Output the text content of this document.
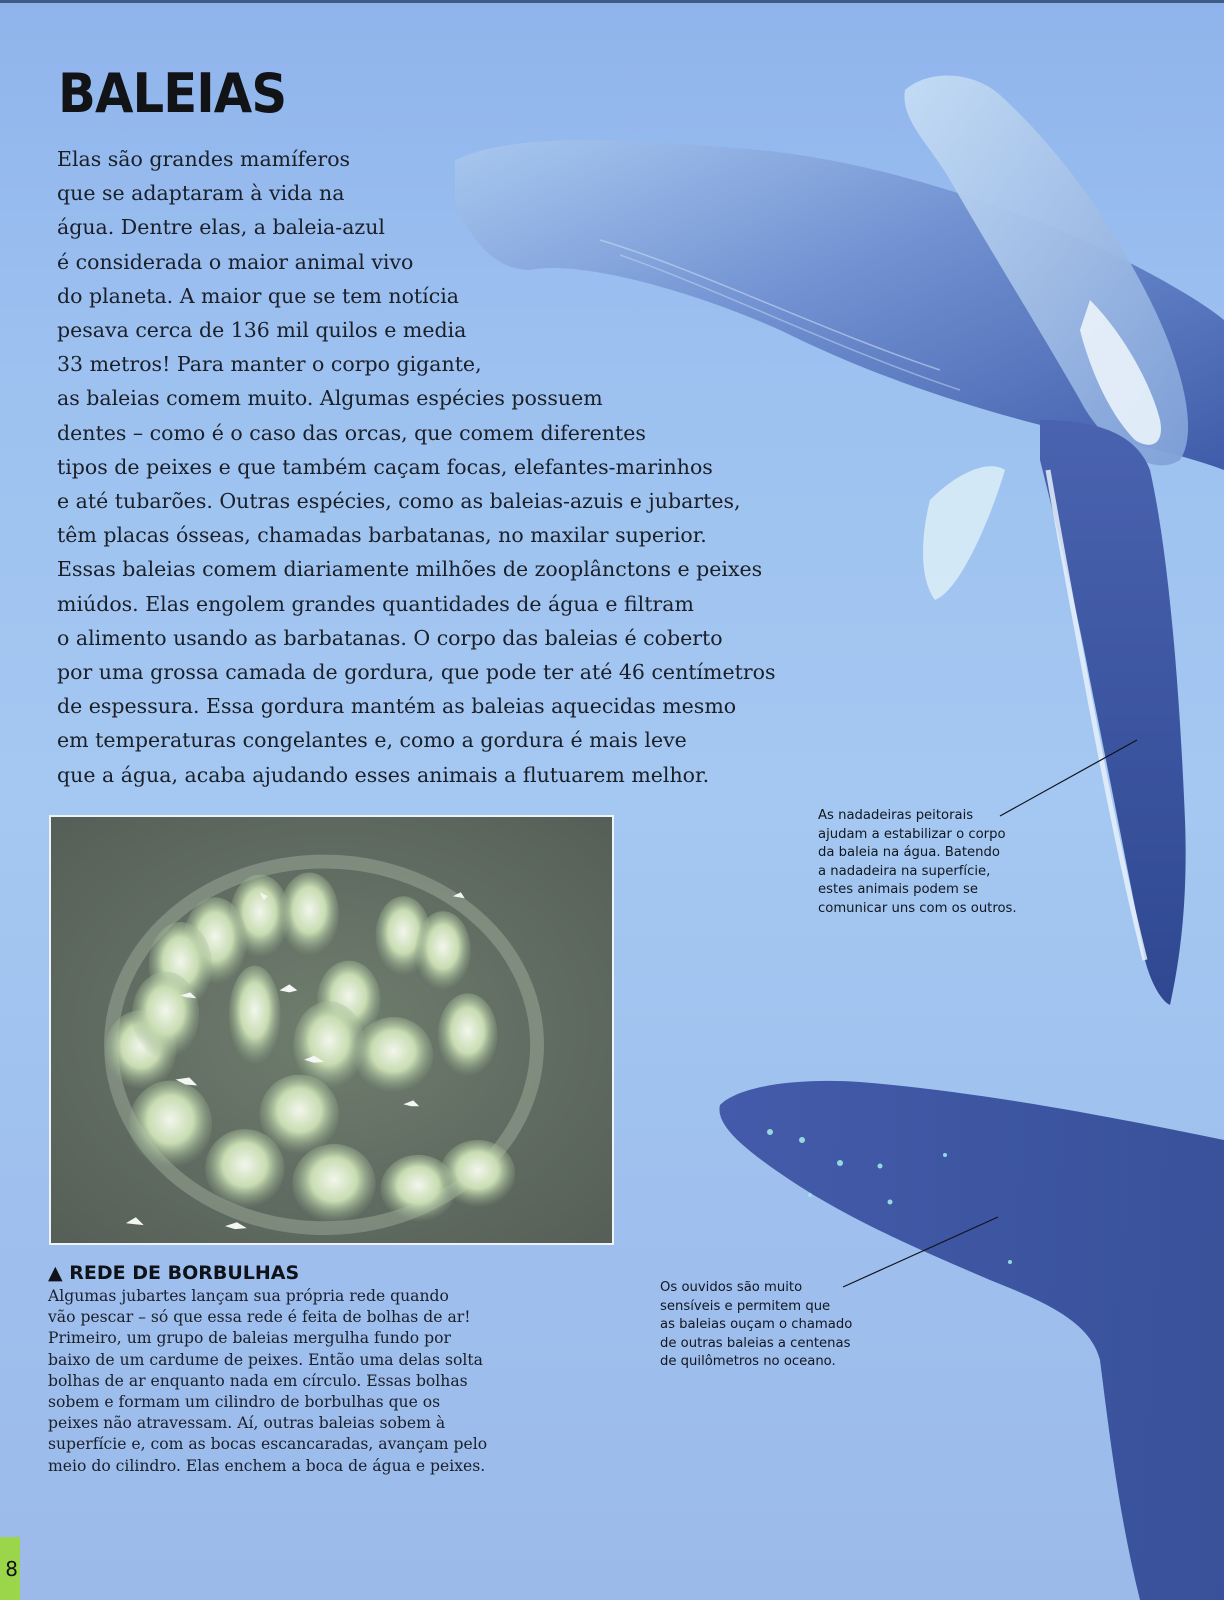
BALEIAS
Elas são grandes mamíferos
que se adaptaram à vida na
água. Dentre elas, a baleia-azul
é considerada o maior animal vivo
do planeta. A maior que se tem notícia
pesava cerca de 136 mil quilos e media
33 metros! Para manter o corpo gigante,
as baleias comem muito. Algumas espécies possuem
dentes – como é o caso das orcas, que comem diferentes
tipos de peixes e que também caçam focas, elefantes-marinhos
e até tubarões. Outras espécies, como as baleias-azuis e jubartes,
têm placas ósseas, chamadas barbatanas, no maxilar superior.
Essas baleias comem diariamente milhões de zooplânctons e peixes
miúdos. Elas engolem grandes quantidades de água e filtram
o alimento usando as barbatanas. O corpo das baleias é coberto
por uma grossa camada de gordura, que pode ter até 46 centímetros
de espessura. Essa gordura mantém as baleias aquecidas mesmo
em temperaturas congelantes e, como a gordura é mais leve
que a água, acaba ajudando esses animais a flutuarem melhor.
▲ REDE DE BORBULHAS
Algumas jubartes lançam sua própria rede quando
vão pescar – só que essa rede é feita de bolhas de ar!
Primeiro, um grupo de baleias mergulha fundo por
baixo de um cardume de peixes. Então uma delas solta
bolhas de ar enquanto nada em círculo. Essas bolhas
sobem e formam um cilindro de borbulhas que os
peixes não atravessam. Aí, outras baleias sobem à
superfície e, com as bocas escancaradas, avançam pelo
meio do cilindro. Elas enchem a boca de água e peixes.
As nadadeiras peitorais
ajudam a estabilizar o corpo
da baleia na água. Batendo
a nadadeira na superfície,
estes animais podem se
comunicar uns com os outros.
Os ouvidos são muito
sensíveis e permitem que
as baleias ouçam o chamado
de outras baleias a centenas
de quilômetros no oceano.
8
